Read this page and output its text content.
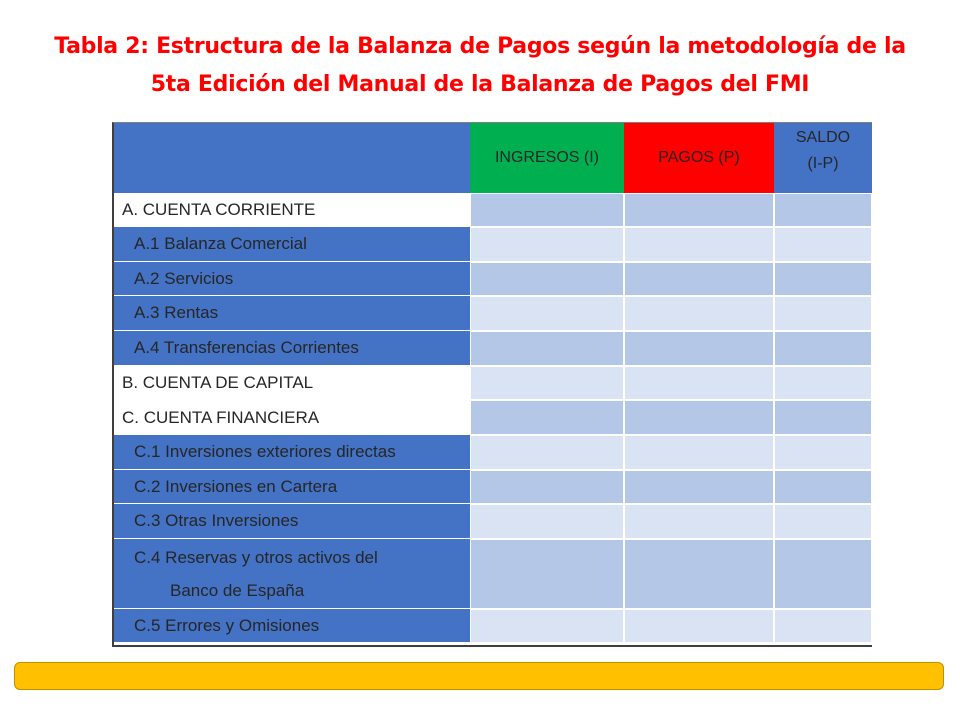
Tabla 2: Estructura de la Balanza de Pagos según la metodología de la
5ta Edición del Manual de la Balanza de Pagos del FMI
INGRESOS (I)	PAGOS (P)
SALDO
(I-P)
A. CUENTA CORRIENTE
A.1 Balanza Comercial
A.2 Servicios
A.3 Rentas
A.4 Transferencias Corrientes
B. CUENTA DE CAPITAL
C. CUENTA FINANCIERA
C.1 Inversiones exteriores directas
C.2 Inversiones en Cartera
C.3 Otras Inversiones
C.4 Reservas y otros activos del
Banco de España
C.5 Errores y Omisiones
